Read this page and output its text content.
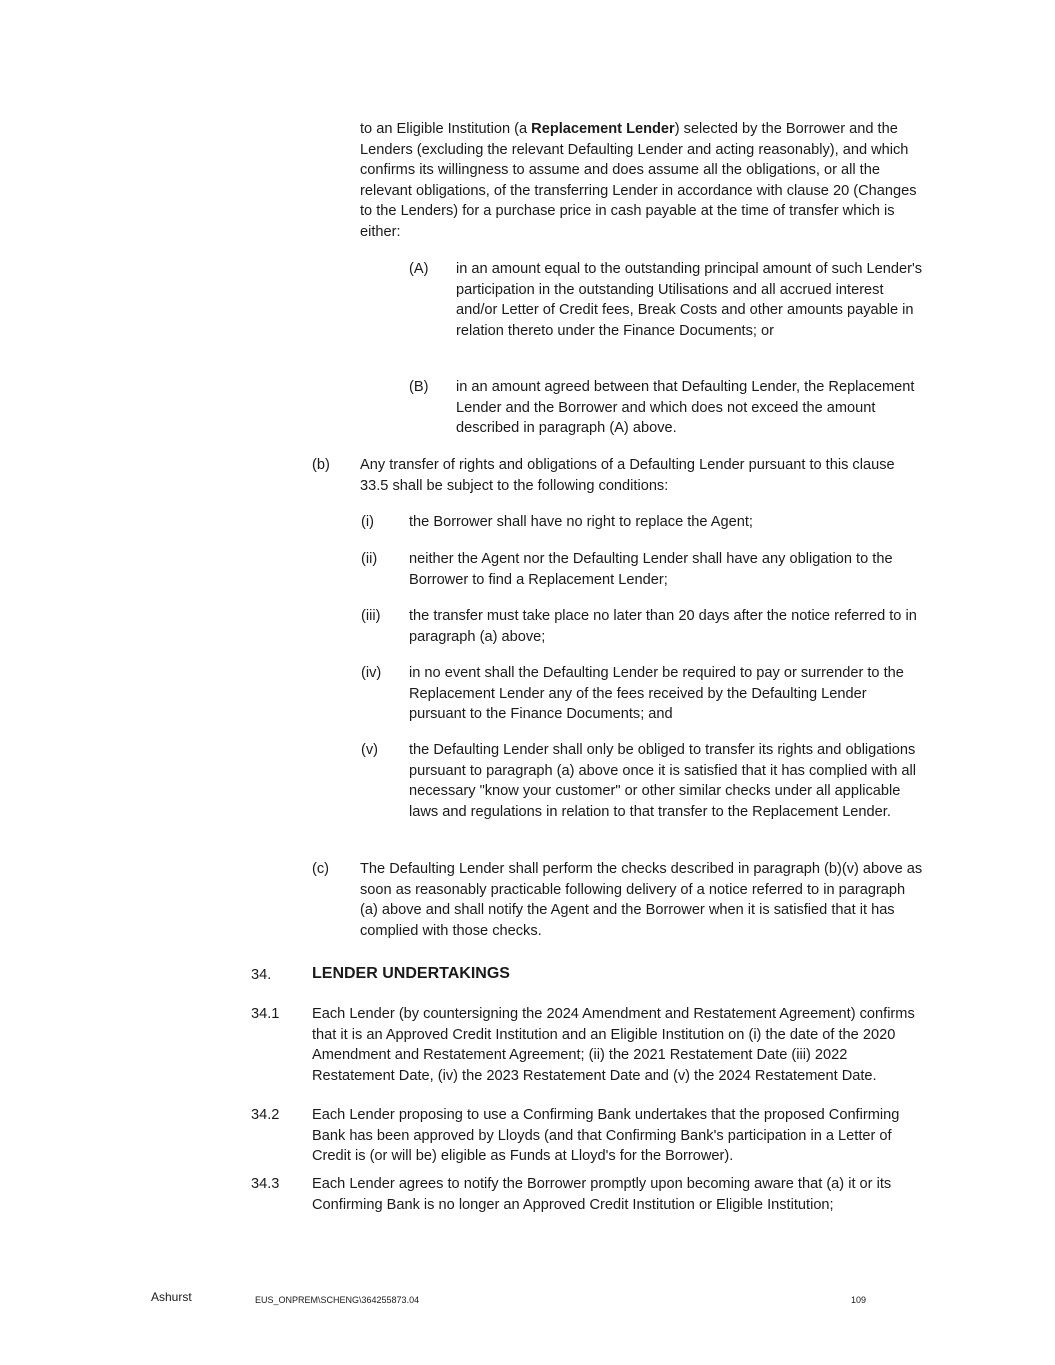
to an Eligible Institution (a Replacement Lender) selected by the Borrower and the Lenders (excluding the relevant Defaulting Lender and acting reasonably), and which confirms its willingness to assume and does assume all the obligations, or all the relevant obligations, of the transferring Lender in accordance with clause 20 (Changes to the Lenders) for a purchase price in cash payable at the time of transfer which is either:

(A) in an amount equal to the outstanding principal amount of such Lender's participation in the outstanding Utilisations and all accrued interest and/or Letter of Credit fees, Break Costs and other amounts payable in relation thereto under the Finance Documents; or

(B) in an amount agreed between that Defaulting Lender, the Replacement Lender and the Borrower and which does not exceed the amount described in paragraph (A) above.

(b) Any transfer of rights and obligations of a Defaulting Lender pursuant to this clause 33.5 shall be subject to the following conditions:

(i) the Borrower shall have no right to replace the Agent;

(ii) neither the Agent nor the Defaulting Lender shall have any obligation to the Borrower to find a Replacement Lender;

(iii) the transfer must take place no later than 20 days after the notice referred to in paragraph (a) above;

(iv) in no event shall the Defaulting Lender be required to pay or surrender to the Replacement Lender any of the fees received by the Defaulting Lender pursuant to the Finance Documents; and

(v) the Defaulting Lender shall only be obliged to transfer its rights and obligations pursuant to paragraph (a) above once it is satisfied that it has complied with all necessary "know your customer" or other similar checks under all applicable laws and regulations in relation to that transfer to the Replacement Lender.

(c) The Defaulting Lender shall perform the checks described in paragraph (b)(v) above as soon as reasonably practicable following delivery of a notice referred to in paragraph (a) above and shall notify the Agent and the Borrower when it is satisfied that it has complied with those checks.

34.	LENDER UNDERTAKINGS
34.1 Each Lender (by countersigning the 2024 Amendment and Restatement Agreement) confirms that it is an Approved Credit Institution and an Eligible Institution on (i) the date of the 2020 Amendment and Restatement Agreement; (ii) the 2021 Restatement Date (iii) 2022 Restatement Date, (iv) the 2023 Restatement Date and (v) the 2024 Restatement Date.

34.2 Each Lender proposing to use a Confirming Bank undertakes that the proposed Confirming Bank has been approved by Lloyds (and that Confirming Bank's participation in a Letter of Credit is (or will be) eligible as Funds at Lloyd's for the Borrower).

34.3 Each Lender agrees to notify the Borrower promptly upon becoming aware that (a) it or its Confirming Bank is no longer an Approved Credit Institution or Eligible Institution;

Ashurst	EUS_ONPREM\SCHENG\364255873.04	109
